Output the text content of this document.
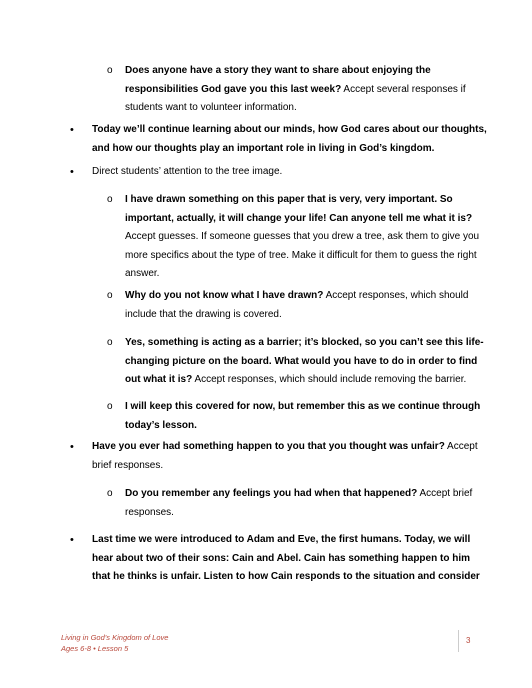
o Does anyone have a story they want to share about enjoying the responsibilities God gave you this last week? Accept several responses if students want to volunteer information.
• Today we’ll continue learning about our minds, how God cares about our thoughts, and how our thoughts play an important role in living in God’s kingdom.
• Direct students’ attention to the tree image.
o I have drawn something on this paper that is very, very important. So important, actually, it will change your life! Can anyone tell me what it is? Accept guesses. If someone guesses that you drew a tree, ask them to give you more specifics about the type of tree. Make it difficult for them to guess the right answer.
o Why do you not know what I have drawn? Accept responses, which should include that the drawing is covered.
o Yes, something is acting as a barrier; it’s blocked, so you can’t see this life-changing picture on the board. What would you have to do in order to find out what it is? Accept responses, which should include removing the barrier.
o I will keep this covered for now, but remember this as we continue through today’s lesson.
• Have you ever had something happen to you that you thought was unfair? Accept brief responses.
o Do you remember any feelings you had when that happened? Accept brief responses.
• Last time we were introduced to Adam and Eve, the first humans. Today, we will hear about two of their sons: Cain and Abel. Cain has something happen to him that he thinks is unfair. Listen to how Cain responds to the situation and consider
Living in God’s Kingdom of Love
Ages 6-8 • Lesson 5
3
